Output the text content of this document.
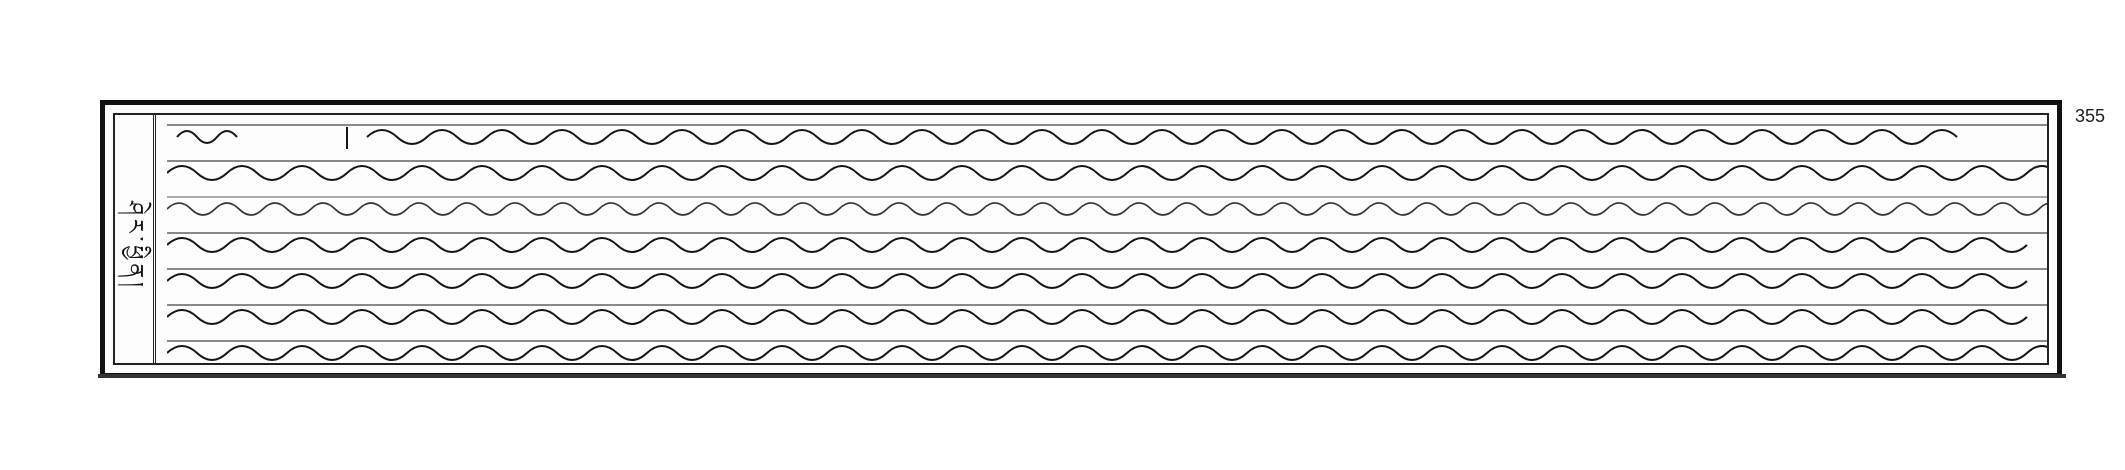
ཤེར་ཕྱིན།
355
